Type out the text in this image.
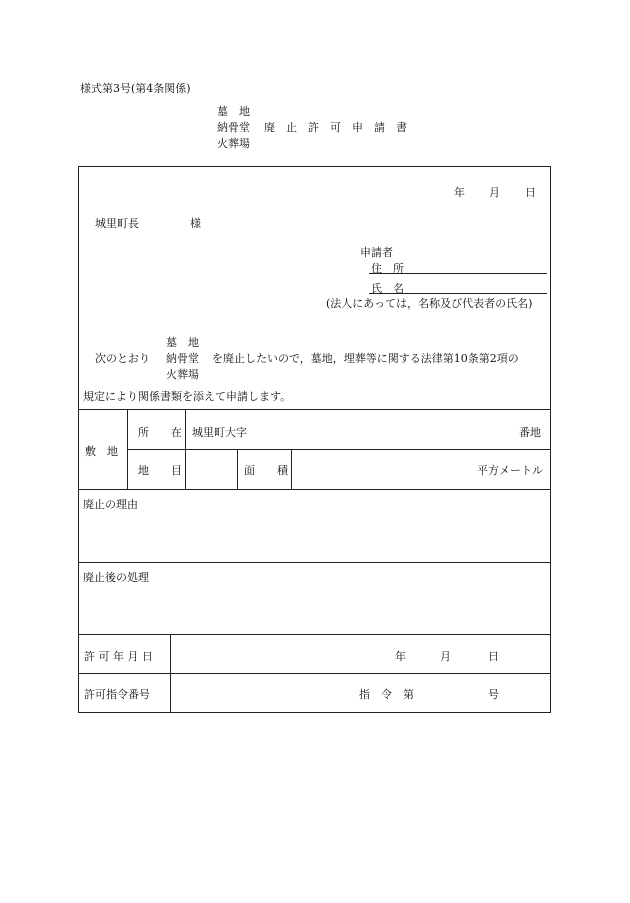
様式第3号(第4条関係)
墓　地
納骨堂
火葬場
廃　止　許　可　申　請　書
年 月 日
城里町長	様
申請者
住　所
氏　名
(法人にあっては，名称及び代表者の氏名)
墓　地
次のとおり 納骨堂 を廃止したいので，墓地，埋葬等に関する法律第10条第2項の
火葬場
規定により関係書類を添えて申請します。
敷　地
所　　在 城里町大字	番地
地　　目	面　　積	平方メートル
廃止の理由
廃止後の処理
許 可 年 月 日	年	月	日
許可指令番号	指　令　第	号
